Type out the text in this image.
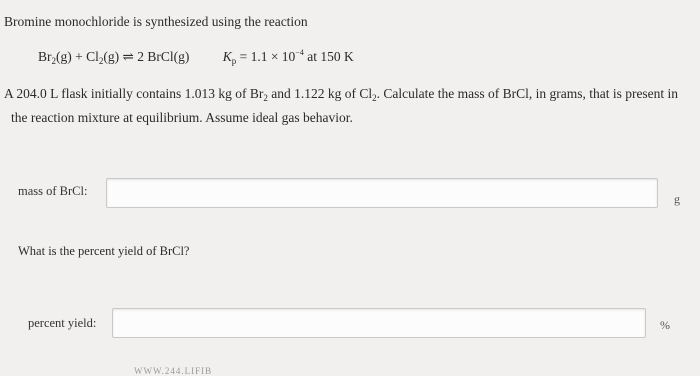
Bromine monochloride is synthesized using the reaction
$Br_2(g) + Cl_2(g)$ ⇌ 2 BrCl(g) $K_p = 1.1 \times 10^{-4}$ at 150 K
A 204.0 L flask initially contains 1.013 kg of $Br_2$ and 1.122 kg of $Cl_2$. Calculate the mass of BrCl, in grams, that is present in
the reaction mixture at equilibrium. Assume ideal gas behavior.
mass of BrCl:
g
What is the percent yield of BrCl?
percent yield:	%
WWW.244.LIFIB
